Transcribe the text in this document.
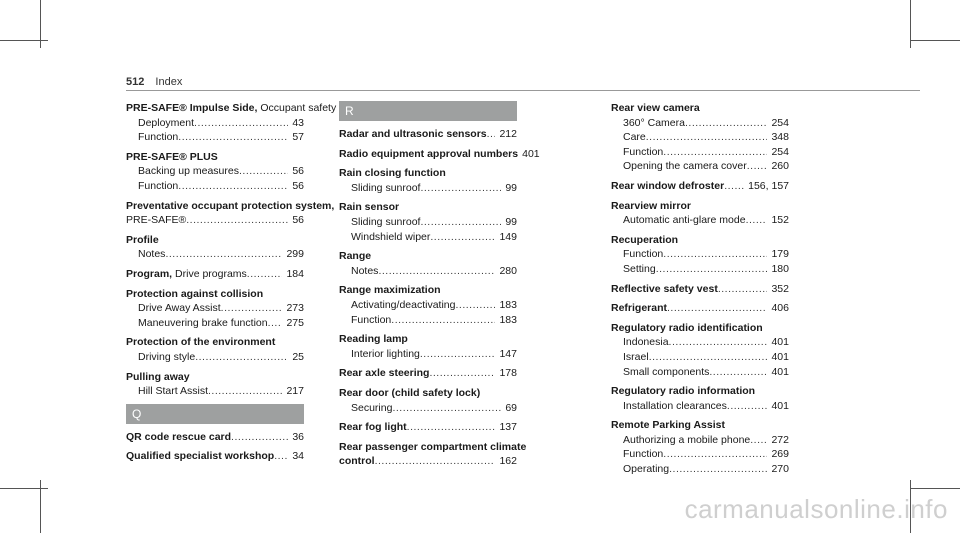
512 Index
PRE-SAFE® Impulse Side, Occupant safety
Deployment .....	43
Function .....	57
PRE-SAFE® PLUS
Backing up measures .....	56
Function .....	56
Preventative occupant protection system,
PRE-SAFE® .....	56
Profile
Notes .....	299
Program, Drive programs .....	184
Protection against collision
Drive Away Assist .....	273
Maneuvering brake function .....	275
Protection of the environment
Driving style .....	25
Pulling away
Hill Start Assist .....	217
Q
QR code rescue card .....	36
Qualified specialist workshop .....	34
R
Radar and ultrasonic sensors .....	212
Radio equipment approval numbers 401
Rain closing function
Sliding sunroof .....	99
Rain sensor
Sliding sunroof .....	99
Windshield wiper .....	149
Range
Notes .....	280
Range maximization
Activating/deactivating .....	183
Function .....	183
Reading lamp
Interior lighting .....	147
Rear axle steering .....	178
Rear door (child safety lock)
Securing .....	69
Rear fog light .....	137
Rear passenger compartment climate
control .....	162
Rear view camera
360° Camera .....	254
Care .....	348
Function .....	254
Opening the camera cover .....	260
Rear window defroster .....	156, 157
Rearview mirror
Automatic anti-glare mode .....	152
Recuperation
Function .....	179
Setting .....	180
Reflective safety vest .....	352
Refrigerant .....	406
Regulatory radio identification
Indonesia .....	401
Israel .....	401
Small components .....	401
Regulatory radio information
Installation clearances .....	401
Remote Parking Assist
Authorizing a mobile phone .....	272
Function .....	269
Operating .....	270
carmanualsonline.info
